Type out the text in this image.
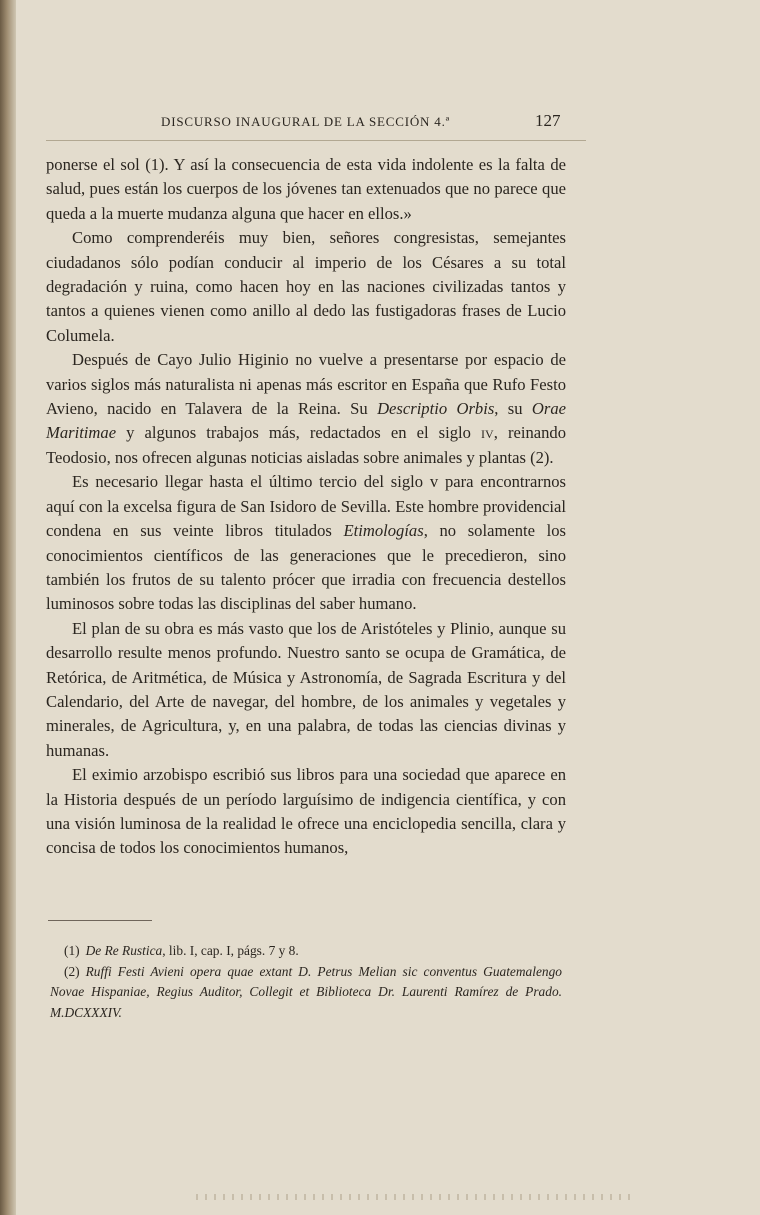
DISCURSO INAUGURAL DE LA SECCIÓN 4.ª	127

ponerse el sol (1). Y así la consecuencia de esta vida indolente es la falta de salud, pues están los cuerpos de los jóvenes tan extenuados que no parece que queda a la muerte mudanza alguna que hacer en ellos.»

Como comprenderéis muy bien, señores congresistas, semejantes ciudadanos sólo podían conducir al imperio de los Césares a su total degradación y ruina, como hacen hoy en las naciones civilizadas tantos y tantos a quienes vienen como anillo al dedo las fustigadoras frases de Lucio Columela.

Después de Cayo Julio Higinio no vuelve a presentarse por espacio de varios siglos más naturalista ni apenas más escritor en España que Rufo Festo Avieno, nacido en Talavera de la Reina. Su Descriptio Orbis, su Orae Maritimae y algunos trabajos más, redactados en el siglo iv, reinando Teodosio, nos ofrecen algunas noticias aisladas sobre animales y plantas (2).

Es necesario llegar hasta el último tercio del siglo v para encontrarnos aquí con la excelsa figura de San Isidoro de Sevilla. Este hombre providencial condena en sus veinte libros titulados Etimologías, no solamente los conocimientos científicos de las generaciones que le precedieron, sino también los frutos de su talento prócer que irradia con frecuencia destellos luminosos sobre todas las disciplinas del saber humano.

El plan de su obra es más vasto que los de Aristóteles y Plinio, aunque su desarrollo resulte menos profundo. Nuestro santo se ocupa de Gramática, de Retórica, de Aritmética, de Música y Astronomía, de Sagrada Escritura y del Calendario, del Arte de navegar, del hombre, de los animales y vegetales y minerales, de Agricultura, y, en una palabra, de todas las ciencias divinas y humanas.

El eximio arzobispo escribió sus libros para una sociedad que aparece en la Historia después de un período larguísimo de indigencia científica, y con una visión luminosa de la realidad le ofrece una enciclopedia sencilla, clara y concisa de todos los conocimientos humanos,

(1) De Re Rustica, lib. I, cap. I, págs. 7 y 8.

(2) Ruffi Festi Avieni opera quae extant D. Petrus Melian sic conventus Guatemalengo Novae Hispaniae, Regius Auditor, Collegit et Biblioteca Dr. Laurenti Ramírez de Prado. M.DCXXXIV.
